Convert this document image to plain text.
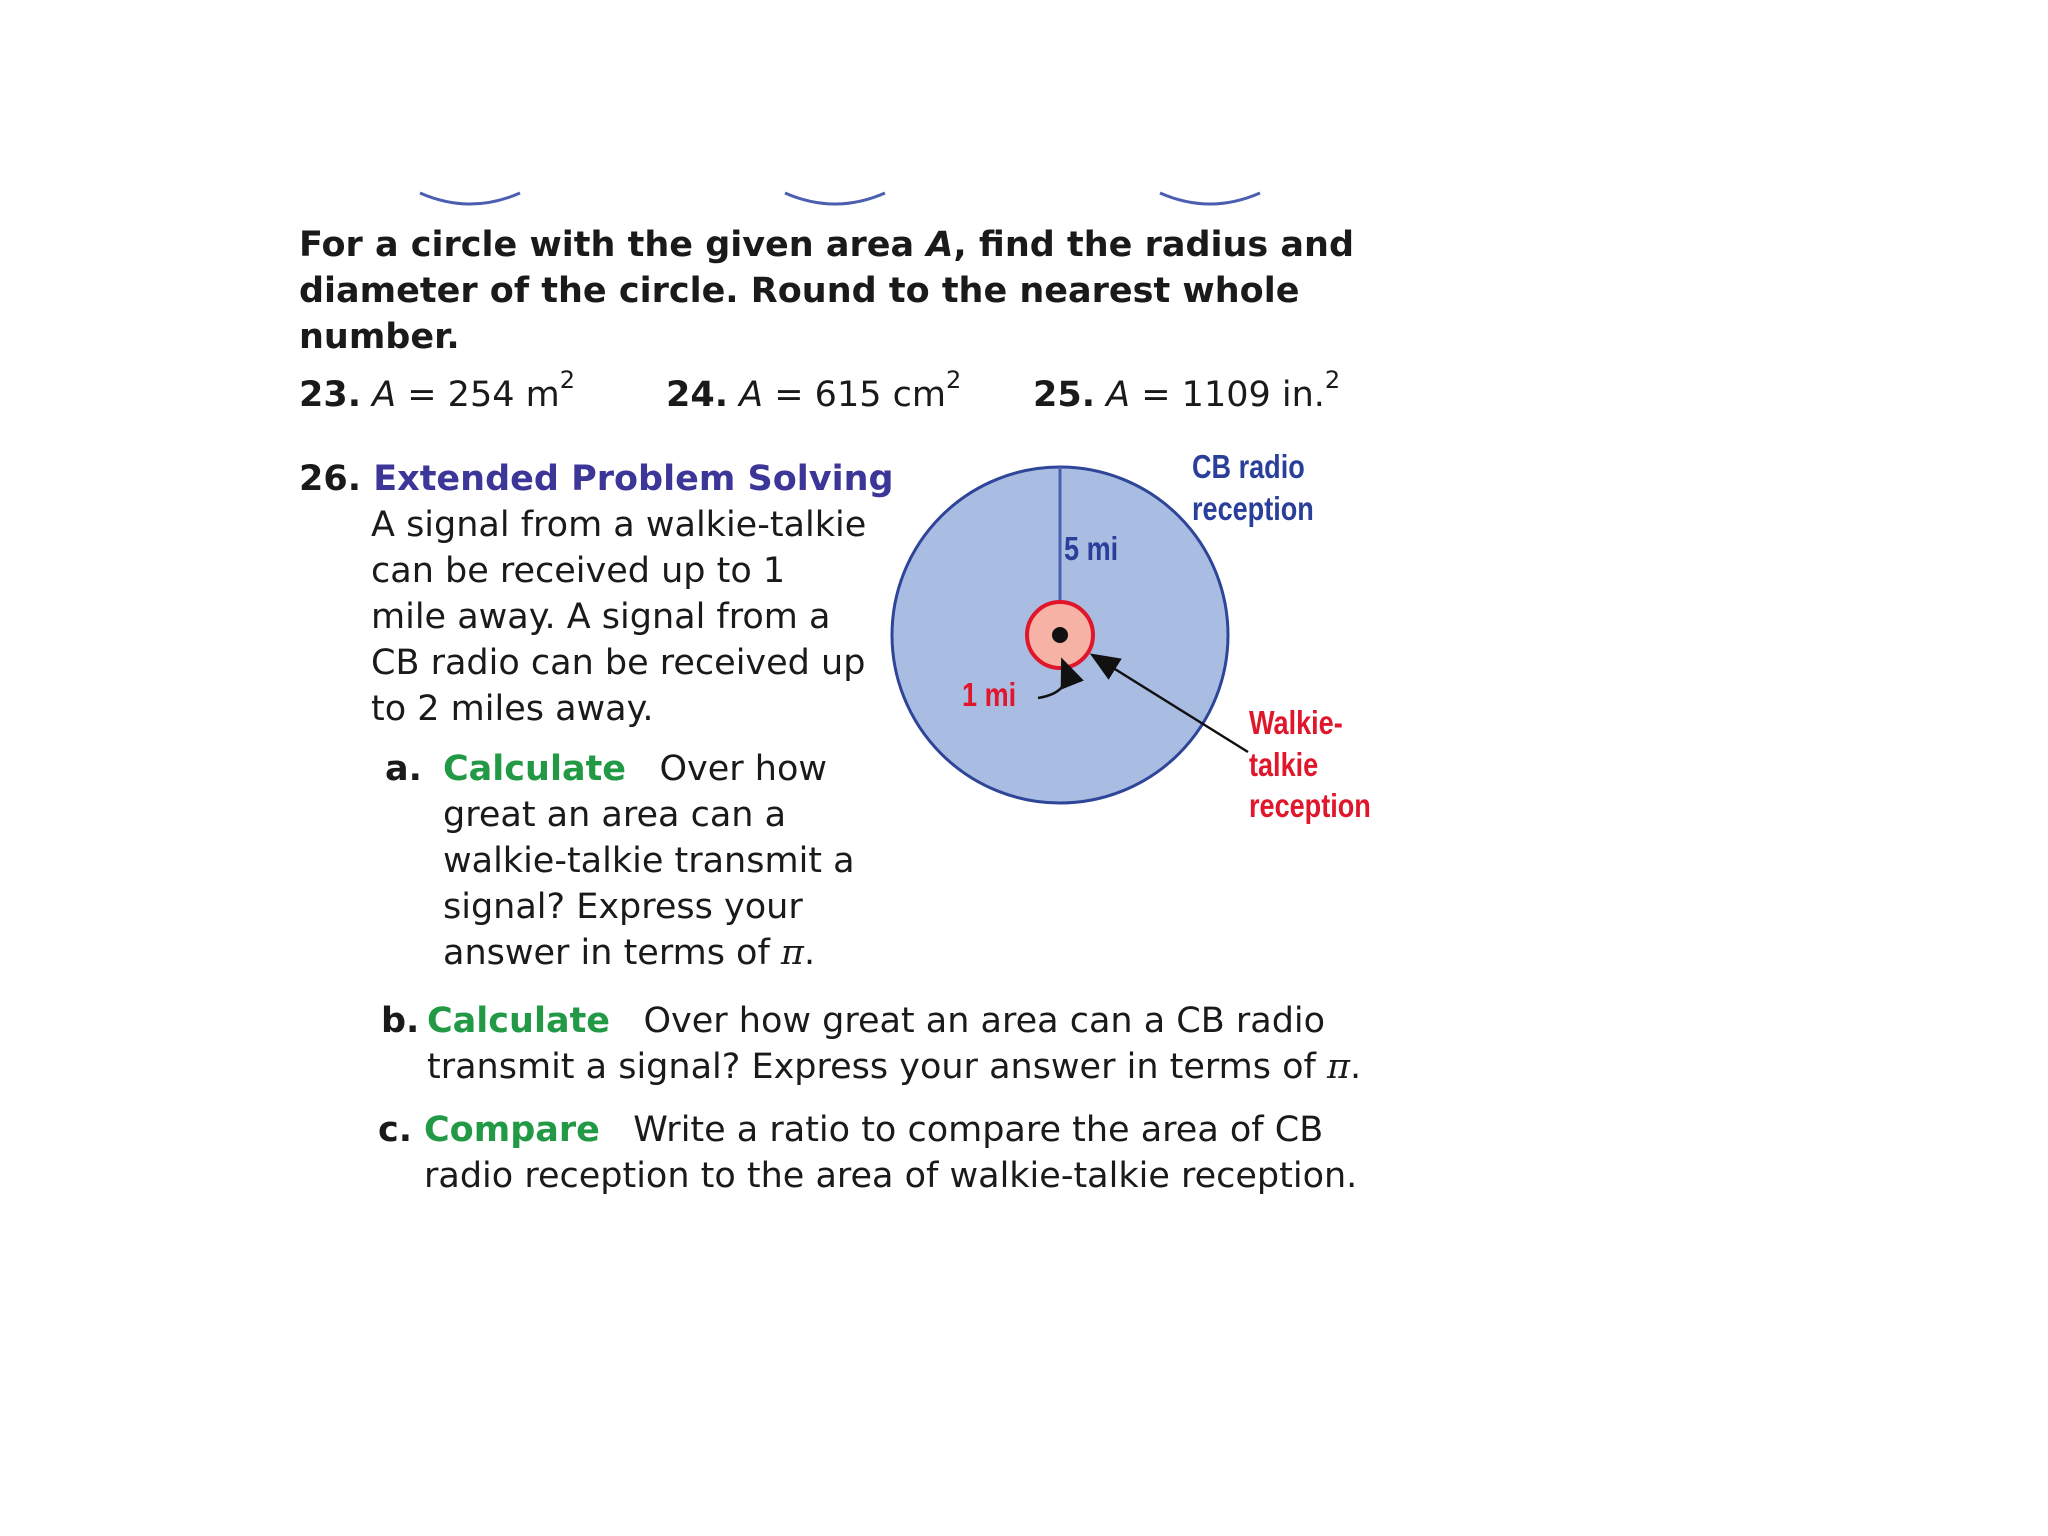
For a circle with the given area A, find the radius and diameter of the circle. Round to the nearest whole number.

23. A = 254 $m^2$	24. A = 615 $cm^2$ 25. A = 1109 in.$^2$
26. Extended Problem Solving

A signal from a walkie-talkie can be received up to 1 mile away. A signal from a CB radio can be received up to 2 miles away.

a. Calculate Over how great an area can a walkie-talkie transmit a signal? Express your answer in terms of π.
b. Calculate Over how great an area can a CB radio transmit a signal? Express your answer in terms of π.
c. Compare Write a ratio to compare the area of CB radio reception to the area of walkie-talkie reception.
CB radio
reception
5 mi
1 mi
Walkie-
talkie
reception
